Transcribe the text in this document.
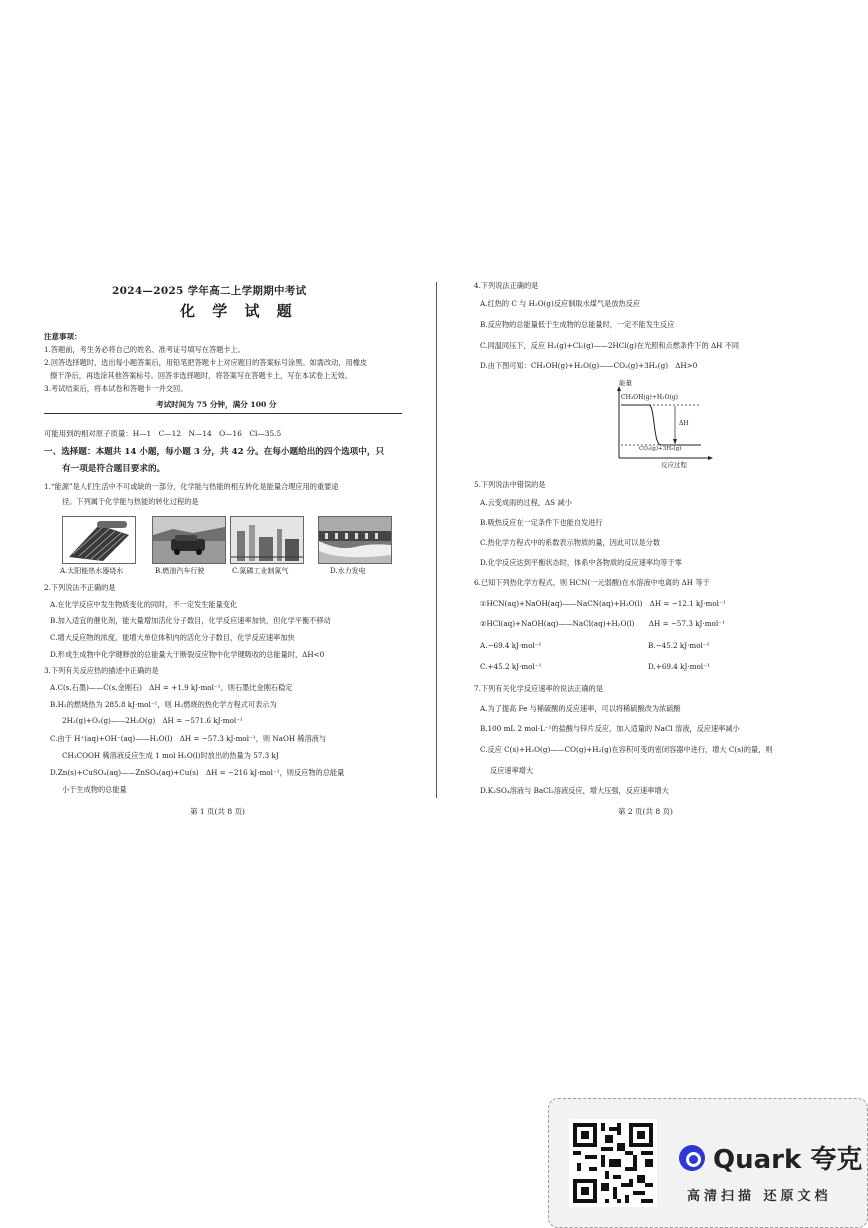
2024—2025 学年高二上学期期中考试
化 学 试 题
注意事项：
1.答题前，考生务必将自己的姓名、准考证号填写在答题卡上。
2.回答选择题时，选出每小题答案后，用铅笔把答题卡上对应题目的答案标号涂黑。如需改动，用橡皮
擦干净后，再选涂其他答案标号。回答非选择题时，将答案写在答题卡上，写在本试卷上无效。
3.考试结束后，将本试卷和答题卡一并交回。
考试时间为 75 分钟，满分 100 分
可能用到的相对原子质量：H—1　C—12　N—14　O—16　Cl—35.5
一、选择题：本题共 14 小题，每小题 3 分，共 42 分。在每小题给出的四个选项中，只
有一项是符合题目要求的。
1.“能源”是人们生活中不可或缺的一部分，化学能与热能的相互转化是能量合理应用的重要途
径。下列属于化学能与热能的转化过程的是
A.太阳能热水器烧水	B.燃油汽车行驶	C.氮磷工业制氮气	D.水力发电
2.下列说法不正确的是
A.在化学反应中发生物质变化的同时，不一定发生能量变化
B.加入适宜的催化剂，能大量增加活化分子数目，化学反应速率加快，但化学平衡不移动
C.增大反应物的浓度，能增大单位体积内的活化分子数目，化学反应速率加快
D.形成生成物中化学键释放的总能量大于断裂反应物中化学键吸收的总能量时，ΔH<0
3.下列有关反应热的描述中正确的是
A.C(s,石墨)——C(s,金刚石)　ΔH = +1.9 kJ·mol⁻¹，则石墨比金刚石稳定
B.H₂的燃烧热为 285.8 kJ·mol⁻¹，则 H₂燃烧的热化学方程式可表示为
2H₂(g)+O₂(g)——2H₂O(g)　ΔH = −571.6 kJ·mol⁻¹
C.由于 H⁺(aq)+OH⁻(aq)——H₂O(l)　ΔH = −57.3 kJ·mol⁻¹，则 NaOH 稀溶液与
CH₃COOH 稀溶液反应生成 1 mol H₂O(l)时放出的热量为 57.3 kJ
D.Zn(s)+CuSO₄(aq)——ZnSO₄(aq)+Cu(s)　ΔH = −216 kJ·mol⁻¹，则反应物的总能量
小于生成物的总能量
第 1 页(共 8 页)
4.下列说法正确的是
A.红热的 C 与 H₂O(g)反应制取水煤气是放热反应
B.反应物的总能量低于生成物的总能量时，一定不能发生反应
C.同温同压下，反应 H₂(g)+Cl₂(g)——2HCl(g)在光照和点燃条件下的 ΔH 不同
D.由下图可知：CH₃OH(g)+H₂O(g)——CO₂(g)+3H₂(g)　ΔH>0
能量
CH₃OH(g)+H₂O(g)
ΔH
CO₂(g)+3H₂(g)
反应过程
5.下列说法中错误的是
A.云变成雨的过程，ΔS 减小
B.吸热反应在一定条件下也能自发进行
C.热化学方程式中的系数表示物质的量，因此可以是分数
D.化学反应达到平衡状态时，体系中各物质的反应速率均等于零
6.已知下列热化学方程式，则 HCN(一元弱酸)在水溶液中电离的 ΔH 等于
①HCN(aq)+NaOH(aq)——NaCN(aq)+H₂O(l)　ΔH = −12.1 kJ·mol⁻¹
②HCl(aq)+NaOH(aq)——NaCl(aq)+H₂O(l)　　ΔH = −57.3 kJ·mol⁻¹
A.−69.4 kJ·mol⁻¹	B.−45.2 kJ·mol⁻¹
C.+45.2 kJ·mol⁻¹	D.+69.4 kJ·mol⁻¹
7.下列有关化学反应速率的说法正确的是
A.为了提高 Fe 与稀硫酸的反应速率，可以将稀硫酸改为浓硫酸
B.100 mL 2 mol·L⁻¹的盐酸与锌片反应，加入适量的 NaCl 溶液，反应速率减小
C.反应 C(s)+H₂O(g)——CO(g)+H₂(g)在容积可变的密闭容器中进行，增大 C(s)的量，则
反应速率增大
D.K₂SO₄溶液与 BaCl₂溶液反应，增大压强，反应速率增大
第 2 页(共 8 页)
Quark 夸克
高清扫描 还原文档
